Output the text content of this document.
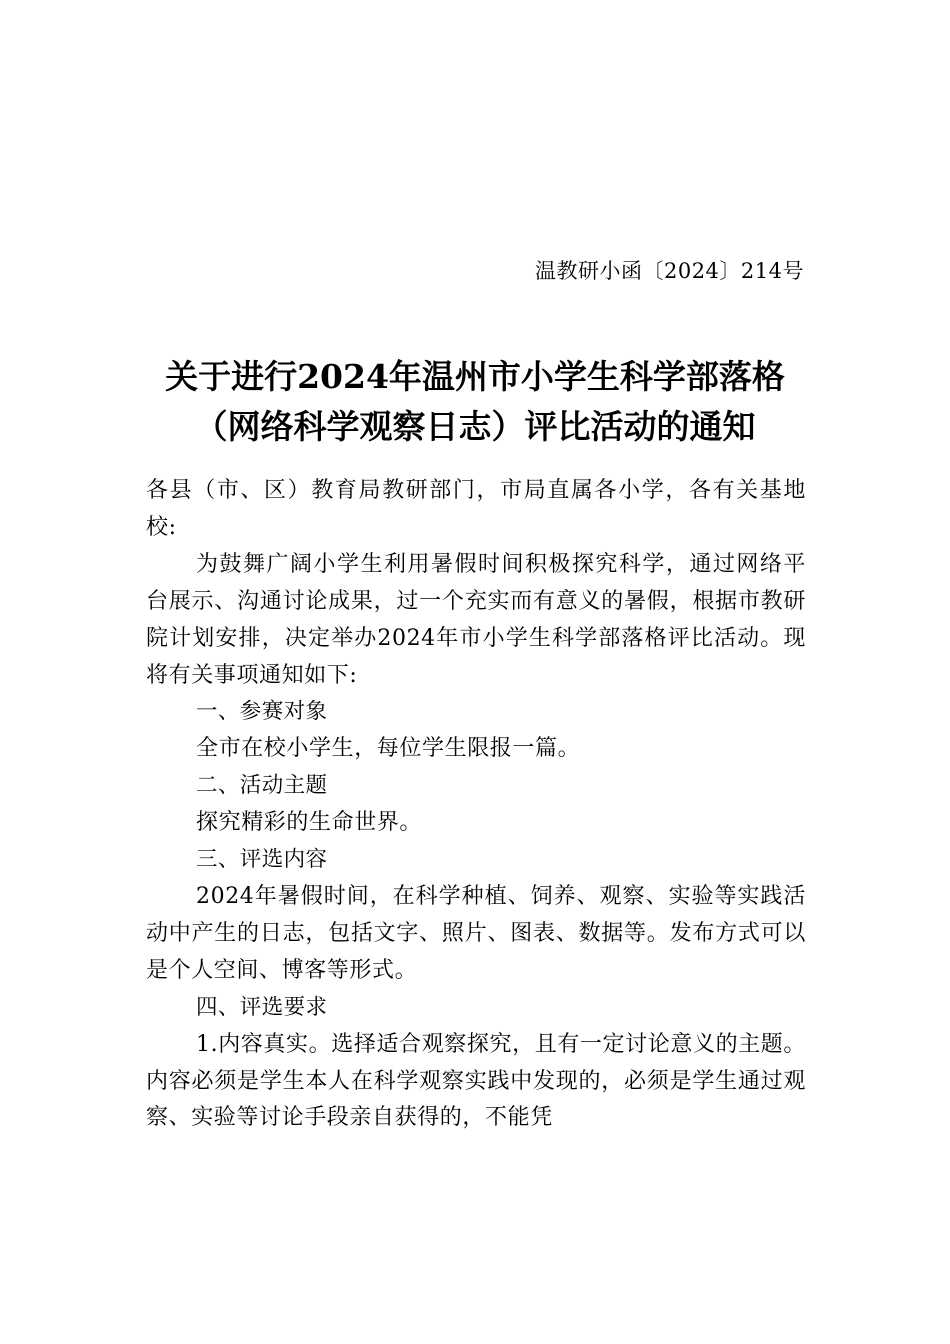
温教研小函〔2024〕214号
关于进行2024年温州市小学生科学部落格
（网络科学观察日志）评比活动的通知

各县（市、区）教育局教研部门，市局直属各小学，各有关基地校:

为鼓舞广阔小学生利用暑假时间积极探究科学，通过网络平台展示、沟通讨论成果，过一个充实而有意义的暑假，根据市教研院计划安排，决定举办2024年市小学生科学部落格评比活动。现将有关事项通知如下:

一、参赛对象

全市在校小学生，每位学生限报一篇。

二、活动主题

探究精彩的生命世界。

三、评选内容

2024年暑假时间，在科学种植、饲养、观察、实验等实践活动中产生的日志，包括文字、照片、图表、数据等。发布方式可以是个人空间、博客等形式。

四、评选要求

1.内容真实。选择适合观察探究，且有一定讨论意义的主题。内容必须是学生本人在科学观察实践中发现的，必须是学生通过观察、实验等讨论手段亲自获得的，不能凭
